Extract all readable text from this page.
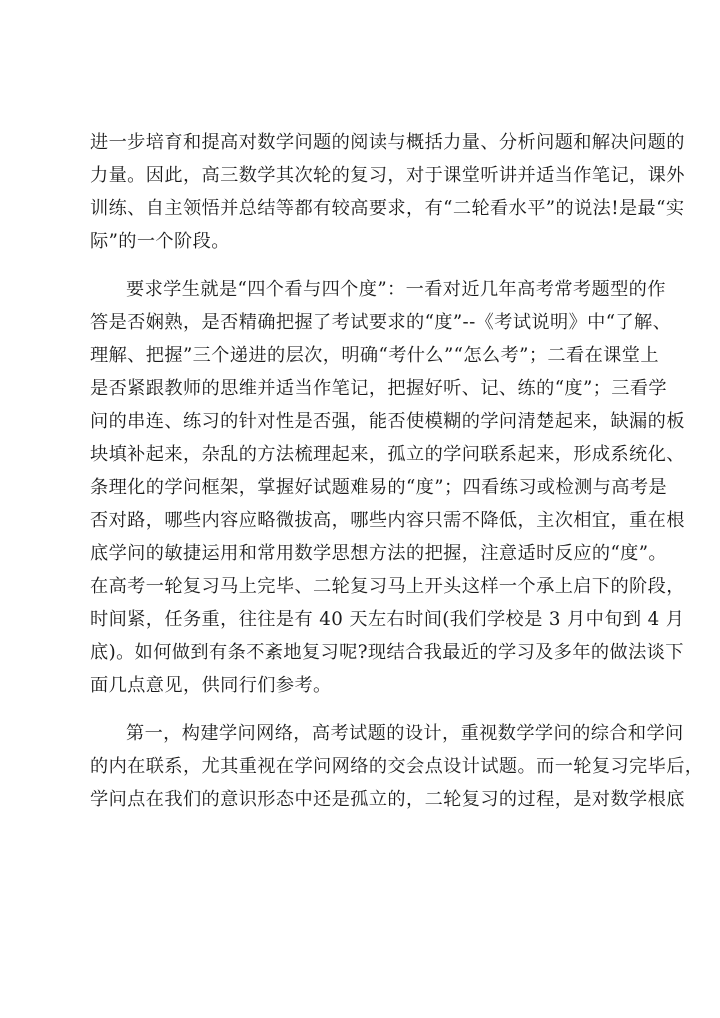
进一步培育和提高对数学问题的阅读与概括力量、分析问题和解决问题的
力量。因此，高三数学其次轮的复习，对于课堂听讲并适当作笔记，课外
训练、自主领悟并总结等都有较高要求，有“二轮看水平”的说法!是最“实
际”的一个阶段。
要求学生就是“四个看与四个度”：一看对近几年高考常考题型的作
答是否娴熟，是否精确把握了考试要求的“度”--《考试说明》中“了解、
理解、把握”三个递进的层次，明确“考什么”“怎么考”；二看在课堂上
是否紧跟教师的思维并适当作笔记，把握好听、记、练的“度”；三看学
问的串连、练习的针对性是否强，能否使模糊的学问清楚起来，缺漏的板
块填补起来，杂乱的方法梳理起来，孤立的学问联系起来，形成系统化、
条理化的学问框架，掌握好试题难易的“度”；四看练习或检测与高考是
否对路，哪些内容应略微拔高，哪些内容只需不降低，主次相宜，重在根
底学问的敏捷运用和常用数学思想方法的把握，注意适时反应的“度”。
在高考一轮复习马上完毕、二轮复习马上开头这样一个承上启下的阶段，
时间紧，任务重，往往是有 40 天左右时间(我们学校是 3 月中旬到 4 月
底)。如何做到有条不紊地复习呢?现结合我最近的学习及多年的做法谈下
面几点意见，供同行们参考。
第一，构建学问网络，高考试题的设计，重视数学学问的综合和学问
的内在联系，尤其重视在学问网络的交会点设计试题。而一轮复习完毕后，
学问点在我们的意识形态中还是孤立的，二轮复习的过程，是对数学根底
